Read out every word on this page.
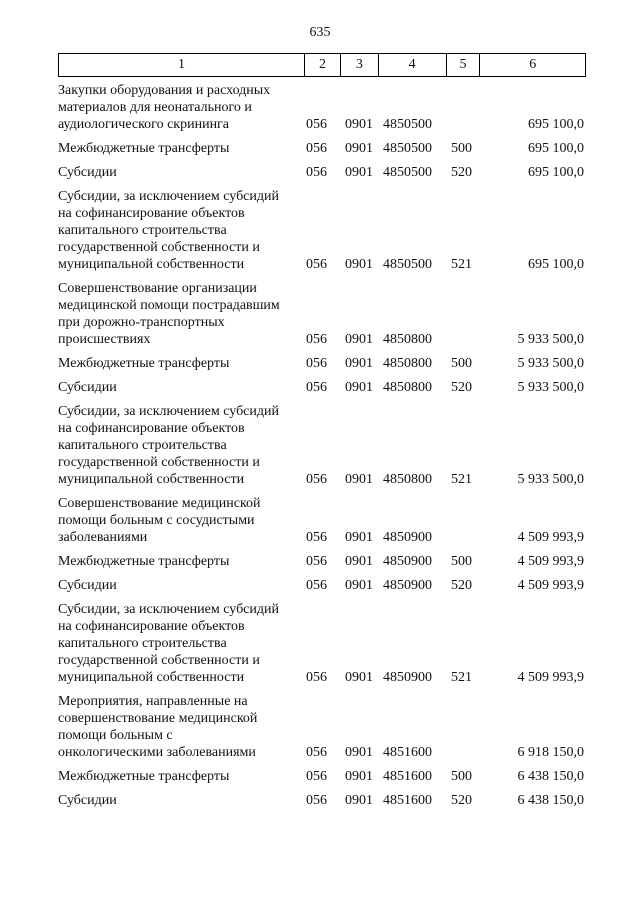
635
1	2	3	4	5	6
Закупки оборудования и расходных
материалов для неонатального и
аудиологического скрининга	056 0901 4850500	695 100,0
Межбюджетные трансферты	056 0901 4850500 500	695 100,0
Субсидии	056 0901 4850500 520	695 100,0
Субсидии, за исключением субсидий
на софинансирование объектов
капитального строительства
государственной собственности и
муниципальной собственности	056 0901 4850500 521	695 100,0
Совершенствование организации
медицинской помощи пострадавшим
при дорожно-транспортных
происшествиях	056 0901 4850800	5 933 500,0
Межбюджетные трансферты	056 0901 4850800 500	5 933 500,0
Субсидии	056 0901 4850800 520	5 933 500,0
Субсидии, за исключением субсидий
на софинансирование объектов
капитального строительства
государственной собственности и
муниципальной собственности	056 0901 4850800 521	5 933 500,0
Совершенствование медицинской
помощи больным с сосудистыми
заболеваниями	056 0901 4850900	4 509 993,9
Межбюджетные трансферты	056 0901 4850900 500	4 509 993,9
Субсидии	056 0901 4850900 520	4 509 993,9
Субсидии, за исключением субсидий
на софинансирование объектов
капитального строительства
государственной собственности и
муниципальной собственности	056 0901 4850900 521	4 509 993,9
Мероприятия, направленные на
совершенствование медицинской
помощи больным с
онкологическими заболеваниями	056 0901 4851600	6 918 150,0
Межбюджетные трансферты	056 0901 4851600 500	6 438 150,0
Субсидии	056 0901 4851600 520	6 438 150,0
